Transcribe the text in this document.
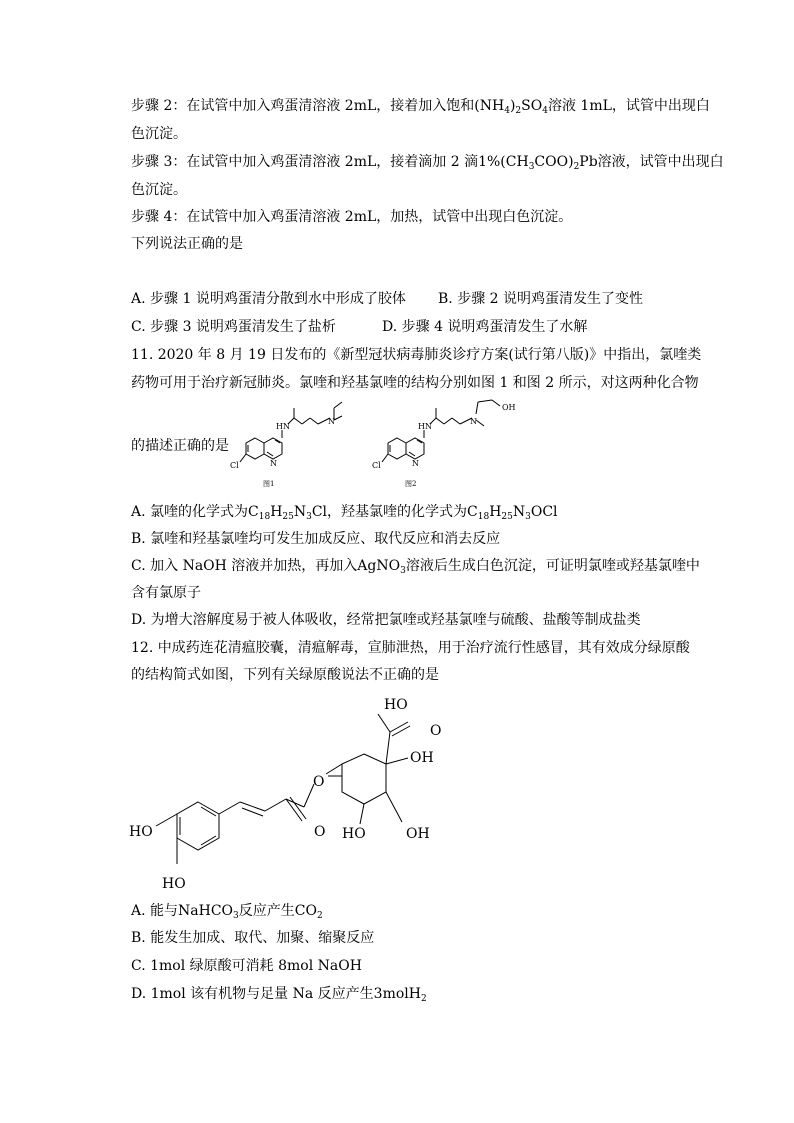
步骤 2：在试管中加入鸡蛋清溶液 2mL，接着加入饱和$(NH_4)_2SO_4$溶液 1mL，试管中出现白
色沉淀。
步骤 3：在试管中加入鸡蛋清溶液 2mL，接着滴加 2 滴$1\%(CH_3COO)_2Pb$溶液，试管中出现白
色沉淀。
步骤 4：在试管中加入鸡蛋清溶液 2mL，加热，试管中出现白色沉淀。
下列说法正确的是
A. 步骤 1 说明鸡蛋清分散到水中形成了胶体 B. 步骤 2 说明鸡蛋清发生了变性
C. 步骤 3 说明鸡蛋清发生了盐析	D. 步骤 4 说明鸡蛋清发生了水解
11. 2020 年 8 月 19 日发布的《新型冠状病毒肺炎诊疗方案(试行第八版)》中指出，氯喹类
药物可用于治疗新冠肺炎。氯喹和羟基氯喹的结构分别如图 1 和图 2 所示，对这两种化合物
的描述正确的是
HN
N
N
Cl
图1
HN
N
OH
N
Cl
图2
A. 氯喹的化学式为$C_{18}H_{25}N_3Cl$，羟基氯喹的化学式为$C_{18}H_{25}N_3OCl$
B. 氯喹和羟基氯喹均可发生加成反应、取代反应和消去反应
C. 加入 NaOH 溶液并加热，再加入AgNO$_3$溶液后生成白色沉淀，可证明氯喹或羟基氯喹中
含有氯原子
D. 为增大溶解度易于被人体吸收，经常把氯喹或羟基氯喹与硫酸、盐酸等制成盐类
12. 中成药连花清瘟胶囊，清瘟解毒，宣肺泄热，用于治疗流行性感冒，其有效成分绿原酸
的结构简式如图，下列有关绿原酸说法不正确的是
HO
HO
O
O
HO
O
OH
HO	OH
A. 能与NaHCO$_3$反应产生$CO_2$
B. 能发生加成、取代、加聚、缩聚反应
C. 1mol 绿原酸可消耗 8mol NaOH
D. 1mol 该有机物与足量 Na 反应产生3molH$_2$
